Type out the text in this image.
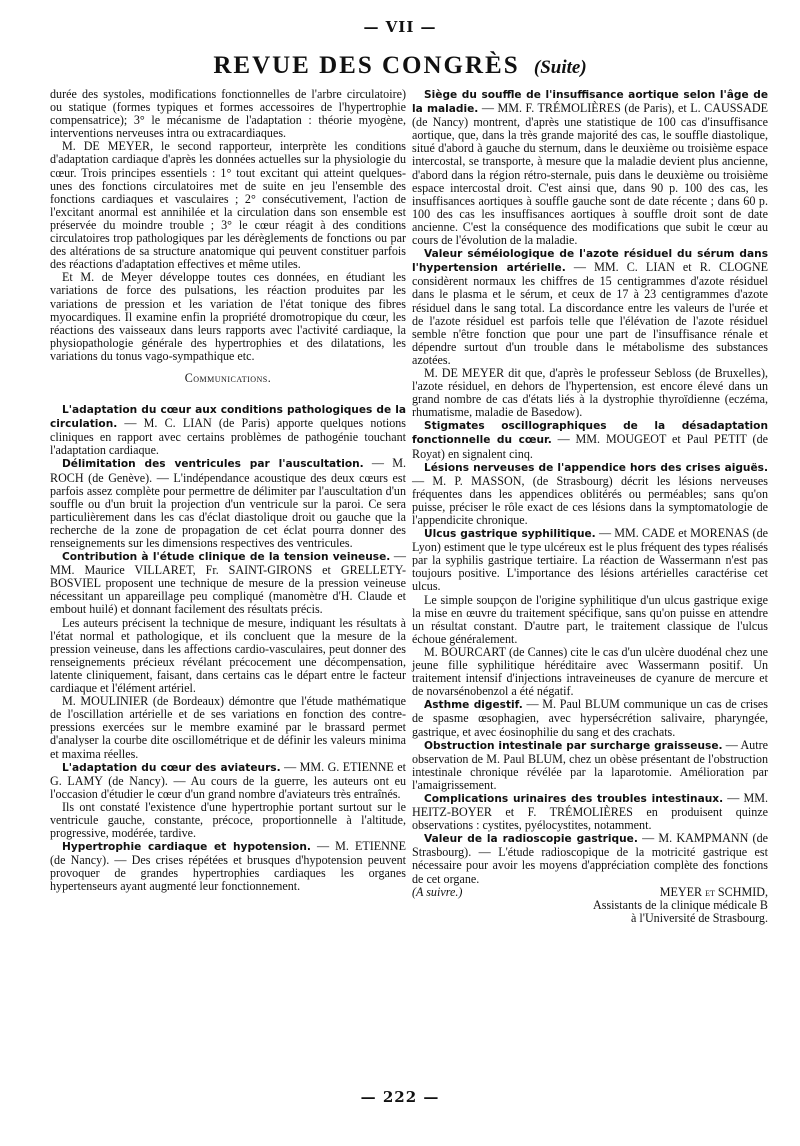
— VII —
REVUE DES CONGRÈS (Suite)

durée des systoles, modifications fonctionnelles de l'arbre circulatoire) ou statique (formes typiques et formes accessoires de l'hypertrophie compensatrice); 3° le mécanisme de l'adaptation : théorie myogène, interventions nerveuses intra ou extracardiaques.

M. DE MEYER, le second rapporteur, interprète les conditions d'adaptation cardiaque d'après les données actuelles sur la physiologie du cœur. Trois principes essentiels : 1° tout excitant qui atteint quelques-unes des fonctions circulatoires met de suite en jeu l'ensemble des fonctions cardiaques et vasculaires ; 2° consécutivement, l'action de l'excitant anormal est annihilée et la circulation dans son ensemble est préservée du moindre trouble ; 3° le cœur réagit à des conditions circulatoires trop pathologiques par les dérèglements de fonctions ou par des altérations de sa structure anatomique qui peuvent constituer parfois des réactions d'adaptation effectives et même utiles.

Et M. de Meyer développe toutes ces données, en étudiant les variations de force des pulsations, les réaction produites par les variations de pression et les variation de l'état tonique des fibres myocardiques. Il examine enfin la propriété dromotropique du cœur, les réactions des vaisseaux dans leurs rapports avec l'activité cardiaque, la physiopathologie générale des hypertrophies et des dilatations, les variations du tonus vago-sympathique etc.

Communications.

L'adaptation du cœur aux conditions pathologiques de la circulation. — M. C. LIAN (de Paris) apporte quelques notions cliniques en rapport avec certains problèmes de pathogénie touchant l'adaptation cardiaque.

Délimitation des ventricules par l'auscultation. — M. ROCH (de Genève). — L'indépendance acoustique des deux cœurs est parfois assez complète pour permettre de délimiter par l'auscultation d'un souffle ou d'un bruit la projection d'un ventricule sur la paroi. Ce sera particulièrement dans les cas d'éclat diastolique droit ou gauche que la recherche de la zone de propagation de cet éclat pourra donner des renseignements sur les dimensions respectives des ventricules.

Contribution à l'étude clinique de la tension veineuse. — MM. Maurice VILLARET, Fr. SAINT-GIRONS et GRELLETY-BOSVIEL proposent une technique de mesure de la pression veineuse nécessitant un appareillage peu compliqué (manomètre d'H. Claude et embout huilé) et donnant facilement des résultats précis.

Les auteurs précisent la technique de mesure, indiquant les résultats à l'état normal et pathologique, et ils concluent que la mesure de la pression veineuse, dans les affections cardio-vasculaires, peut donner des renseignements précieux révélant précocement une décompensation, latente cliniquement, faisant, dans certains cas le départ entre le facteur cardiaque et l'élément artériel.

M. MOULINIER (de Bordeaux) démontre que l'étude mathématique de l'oscillation artérielle et de ses variations en fonction des contre-pressions exercées sur le membre examiné par le brassard permet d'analyser la courbe dite oscillométrique et de définir les valeurs minima et maxima réelles.

L'adaptation du cœur des aviateurs. — MM. G. ETIENNE et G. LAMY (de Nancy). — Au cours de la guerre, les auteurs ont eu l'occasion d'étudier le cœur d'un grand nombre d'aviateurs très entraînés.

Ils ont constaté l'existence d'une hypertrophie portant surtout sur le ventricule gauche, constante, précoce, proportionnelle à l'altitude, progressive, modérée, tardive.

Hypertrophie cardiaque et hypotension. — M. ETIENNE (de Nancy). — Des crises répétées et brusques d'hypotension peuvent provoquer de grandes hypertrophies cardiaques les organes hypertenseurs ayant augmenté leur fonctionnement.

Siège du souffle de l'insuffisance aortique selon l'âge de la maladie. — MM. F. TRÉMOLIÈRES (de Paris), et L. CAUSSADE (de Nancy) montrent, d'après une statistique de 100 cas d'insuffisance aortique, que, dans la très grande majorité des cas, le souffle diastolique, situé d'abord à gauche du sternum, dans le deuxième ou troisième espace intercostal, se transporte, à mesure que la maladie devient plus ancienne, d'abord dans la région rétro-sternale, puis dans le deuxième ou troisième espace intercostal droit. C'est ainsi que, dans 90 p. 100 des cas, les insuffisances aortiques à souffle gauche sont de date récente ; dans 60 p. 100 des cas les insuffisances aortiques à souffle droit sont de date ancienne. C'est la conséquence des modifications que subit le cœur au cours de l'évolution de la maladie.

Valeur séméiologique de l'azote résiduel du sérum dans l'hypertension artérielle. — MM. C. LIAN et R. CLOGNE considèrent normaux les chiffres de 15 centigrammes d'azote résiduel dans le plasma et le sérum, et ceux de 17 à 23 centigrammes d'azote résiduel dans le sang total. La discordance entre les valeurs de l'urée et de l'azote résiduel est parfois telle que l'élévation de l'azote résiduel semble n'être fonction que pour une part de l'insuffisance rénale et dépendre surtout d'un trouble dans le métabolisme des substances azotées.

M. DE MEYER dit que, d'après le professeur Sebloss (de Bruxelles), l'azote résiduel, en dehors de l'hypertension, est encore élevé dans un grand nombre de cas d'états liés à la dystrophie thyroïdienne (eczéma, rhumatisme, maladie de Basedow).

Stigmates oscillographiques de la désadaptation fonctionnelle du cœur. — MM. MOUGEOT et Paul PETIT (de Royat) en signalent cinq.

Lésions nerveuses de l'appendice hors des crises aiguës. — M. P. MASSON, (de Strasbourg) décrit les lésions nerveuses fréquentes dans les appendices oblitérés ou perméables; sans qu'on puisse, préciser le rôle exact de ces lésions dans la symptomatologie de l'appendicite chronique.

Ulcus gastrique syphilitique. — MM. CADE et MORENAS (de Lyon) estiment que le type ulcéreux est le plus fréquent des types réalisés par la syphilis gastrique tertiaire. La réaction de Wassermann n'est pas toujours positive. L'importance des lésions artérielles caractérise cet ulcus.

Le simple soupçon de l'origine syphilitique d'un ulcus gastrique exige la mise en œuvre du traitement spécifique, sans qu'on puisse en attendre un résultat constant. D'autre part, le traitement classique de l'ulcus échoue généralement.

M. BOURCART (de Cannes) cite le cas d'un ulcère duodénal chez une jeune fille syphilitique héréditaire avec Wassermann positif. Un traitement intensif d'injections intraveineuses de cyanure de mercure et de novarsénobenzol a été négatif.

Asthme digestif. — M. Paul BLUM communique un cas de crises de spasme œsophagien, avec hypersécrétion salivaire, pharyngée, gastrique, et avec éosinophilie du sang et des crachats.

Obstruction intestinale par surcharge graisseuse. — Autre observation de M. Paul BLUM, chez un obèse présentant de l'obstruction intestinale chronique révélée par la laparotomie. Amélioration par l'amaigrissement.

Complications urinaires des troubles intestinaux. — MM. HEITZ-BOYER et F. TRÉMOLIÈRES en produisent quinze observations : cystites, pyélocystites, notamment.

Valeur de la radioscopie gastrique. — M. KAMPMANN (de Strasbourg). — L'étude radioscopique de la motricité gastrique est nécessaire pour avoir les moyens d'appréciation complète des fonctions de cet organe.

(A suivre.)	MEYER et SCHMID,
Assistants de la clinique médicale B
à l'Université de Strasbourg.
— 222 —
